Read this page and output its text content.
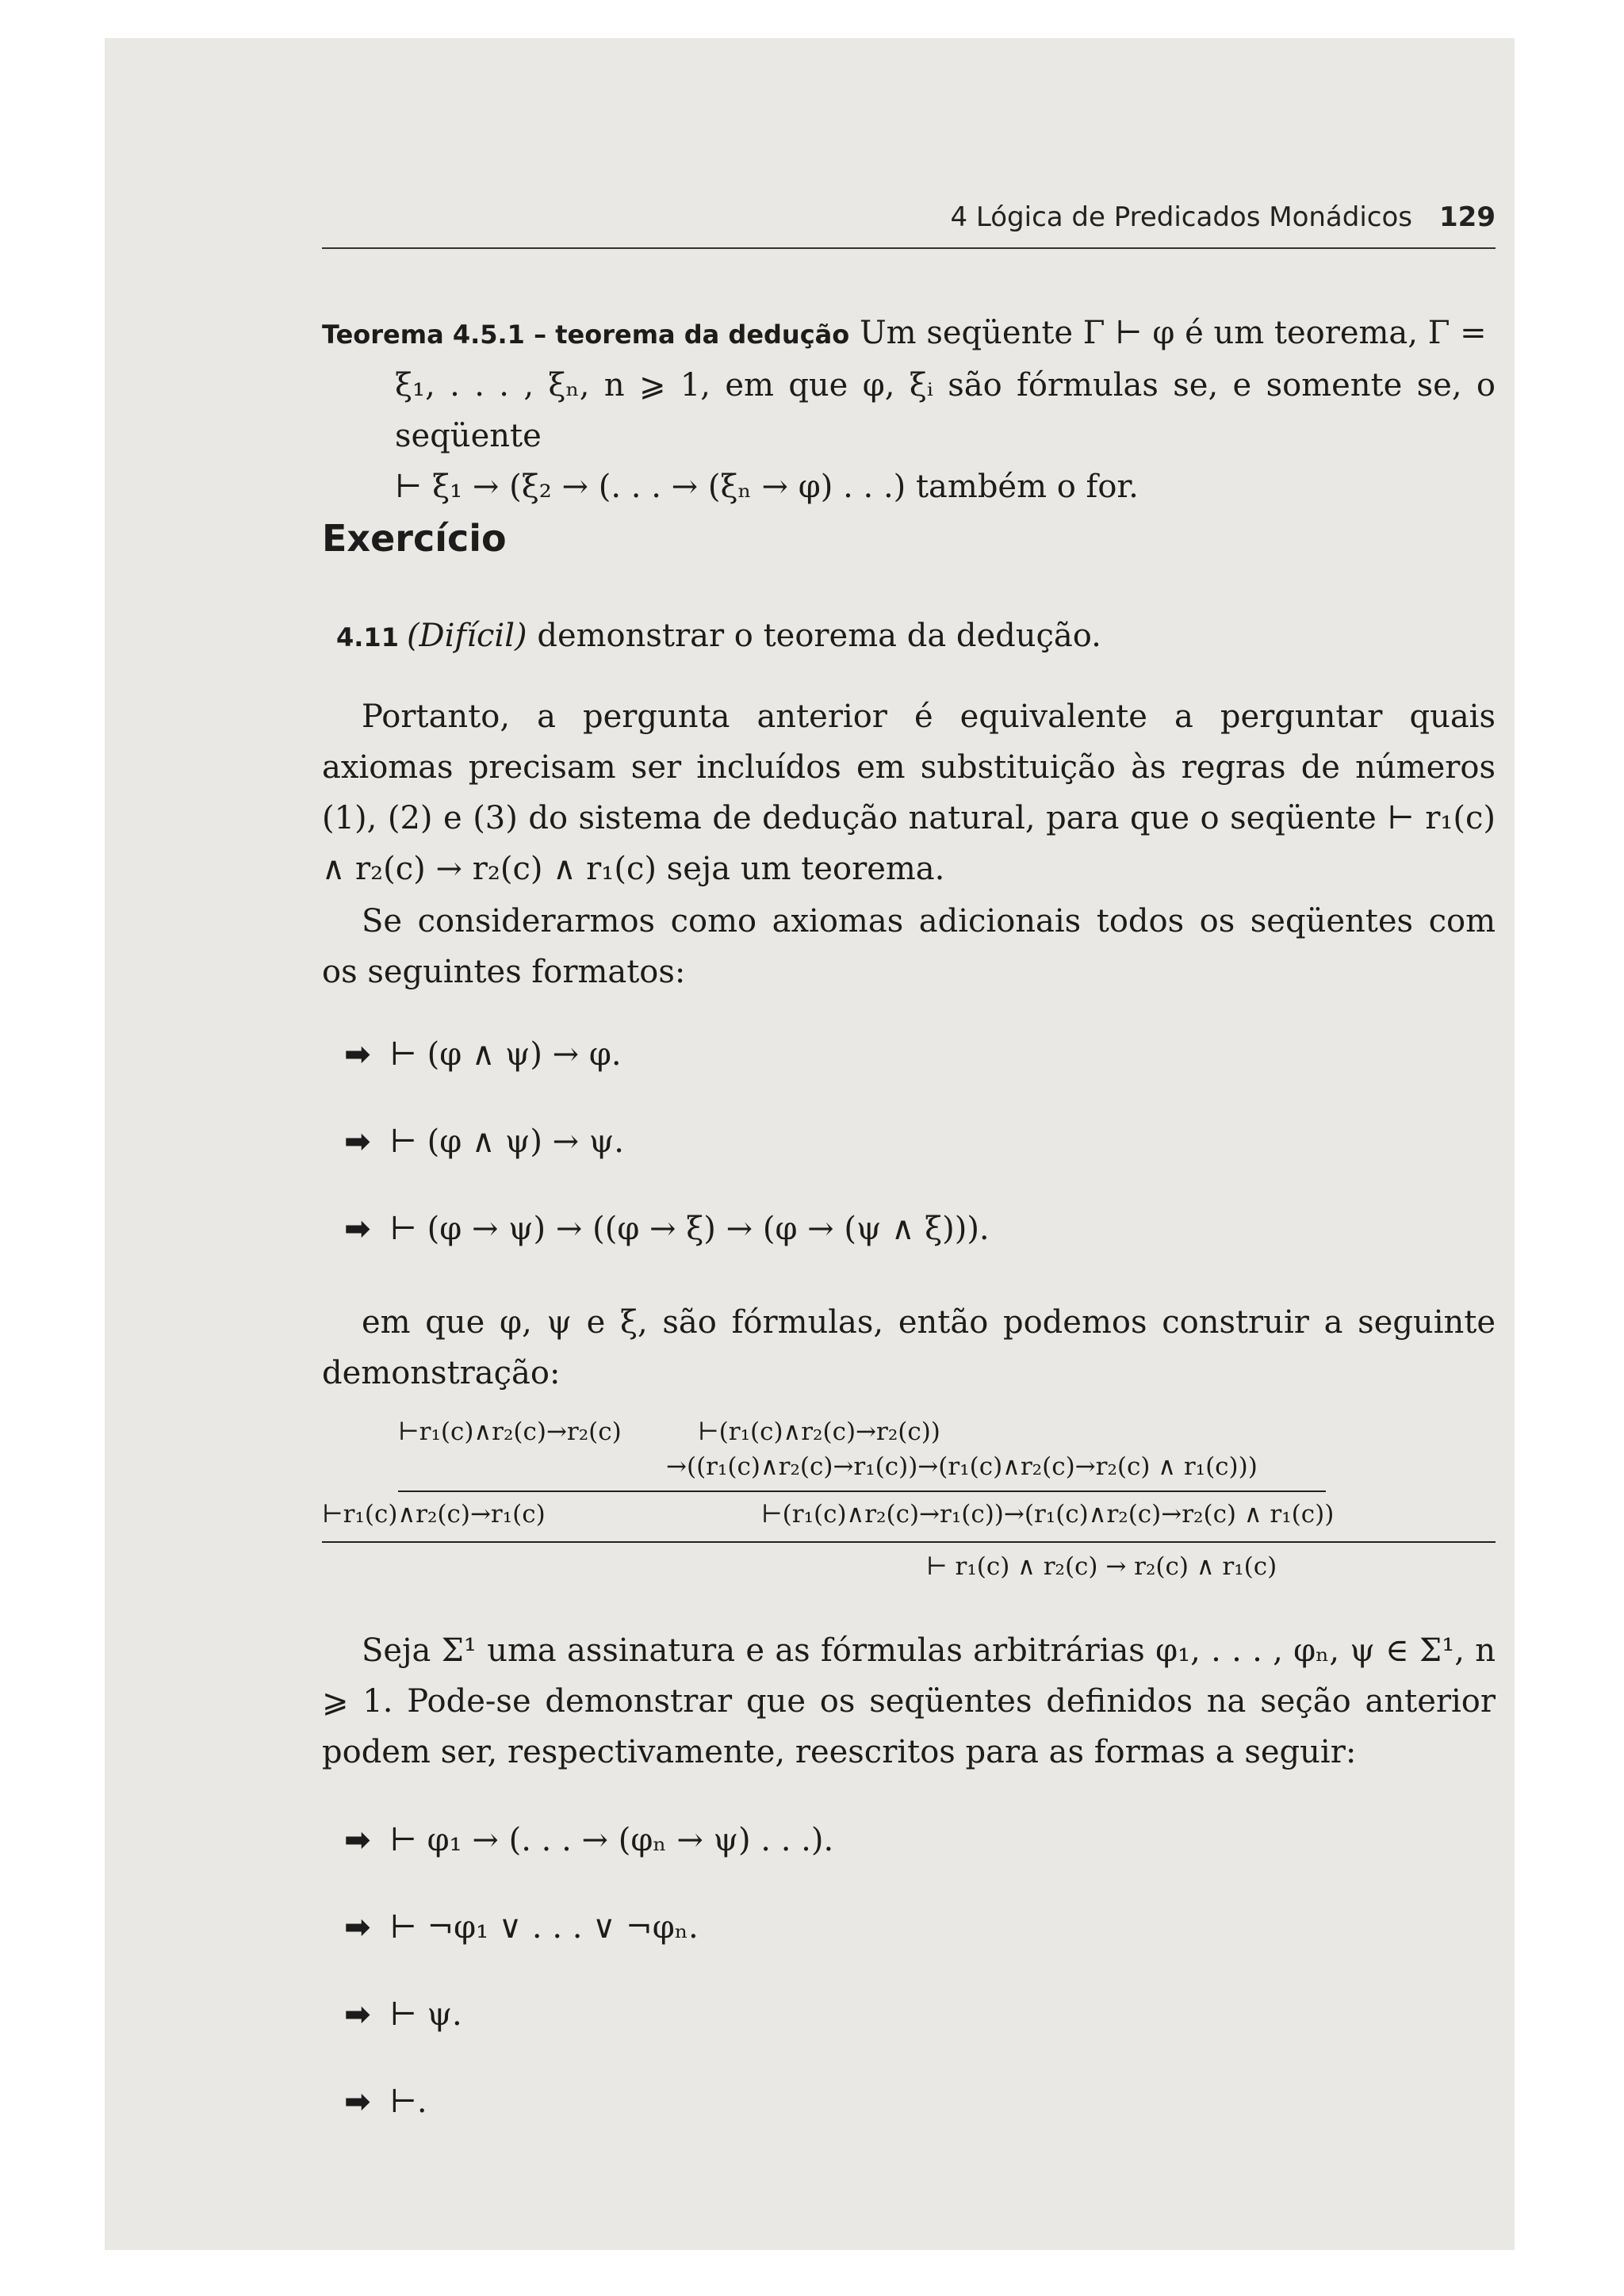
4 Lógica de Predicados Monádicos 129
Teorema 4.5.1 – teorema da dedução Um seqüente Γ ⊢ φ é um teorema, Γ =
ξ₁, . . . , ξₙ, n ⩾ 1, em que φ, ξᵢ são fórmulas se, e somente se, o seqüente
⊢ ξ₁ → (ξ₂ → (. . . → (ξₙ → φ) . . .) também o for.
Exercício
4.11 (Difícil) demonstrar o teorema da dedução.
Portanto, a pergunta anterior é equivalente a perguntar quais axiomas precisam ser incluídos em substituição às regras de números (1), (2) e (3) do sistema de dedução natural, para que o seqüente ⊢ r₁(c) ∧ r₂(c) → r₂(c) ∧ r₁(c) seja um teorema.
Se considerarmos como axiomas adicionais todos os seqüentes com os seguintes formatos:
➡ ⊢ (φ ∧ ψ) → φ.
➡ ⊢ (φ ∧ ψ) → ψ.
➡ ⊢ (φ → ψ) → ((φ → ξ) → (φ → (ψ ∧ ξ))).
em que φ, ψ e ξ, são fórmulas, então podemos construir a seguinte demonstração:
⊢r₁(c)∧r₂(c)→r₂(c)	⊢(r₁(c)∧r₂(c)→r₂(c))
→((r₁(c)∧r₂(c)→r₁(c))→(r₁(c)∧r₂(c)→r₂(c) ∧ r₁(c)))
⊢r₁(c)∧r₂(c)→r₁(c)	⊢(r₁(c)∧r₂(c)→r₁(c))→(r₁(c)∧r₂(c)→r₂(c) ∧ r₁(c))
⊢ r₁(c) ∧ r₂(c) → r₂(c) ∧ r₁(c)
Seja Σ¹ uma assinatura e as fórmulas arbitrárias φ₁, . . . , φₙ, ψ ∈ Σ¹, n ⩾ 1. Pode-se demonstrar que os seqüentes definidos na seção anterior podem ser, respectivamente, reescritos para as formas a seguir:
➡ ⊢ φ₁ → (. . . → (φₙ → ψ) . . .).
➡ ⊢ ¬φ₁ ∨ . . . ∨ ¬φₙ.
➡ ⊢ ψ.
➡ ⊢.
